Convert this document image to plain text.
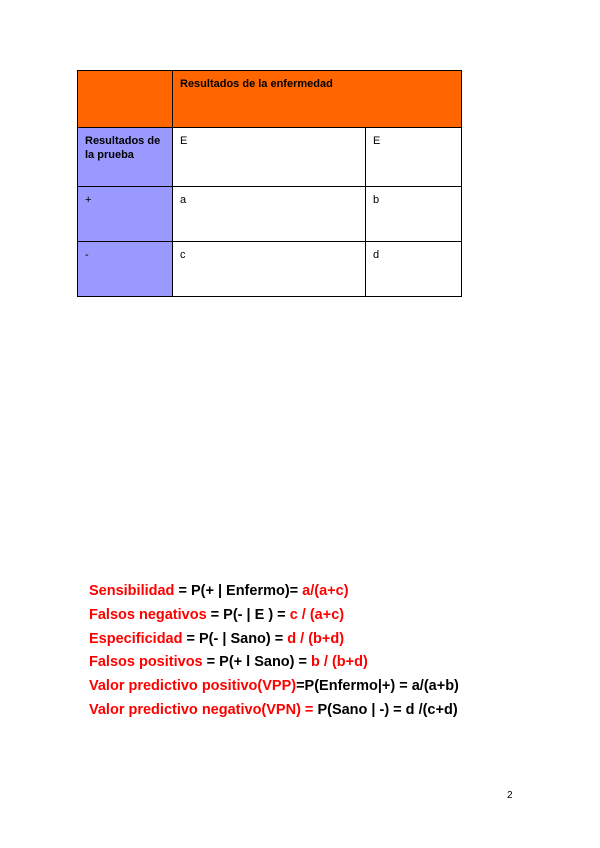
	Resultados de la enfermedad	
Resultados de la prueba	E	E
+	a	b
-	c	d
Sensibilidad = P(+ | Enfermo)= a/(a+c)
Falsos negativos = P(- | E ) = c / (a+c)
Especificidad = P(- | Sano) = d / (b+d)
Falsos positivos = P(+ l Sano) = b / (b+d)
Valor predictivo positivo(VPP)=P(Enfermo|+) = a/(a+b)
Valor predictivo negativo(VPN) = P(Sano | -) = d /(c+d)
2
